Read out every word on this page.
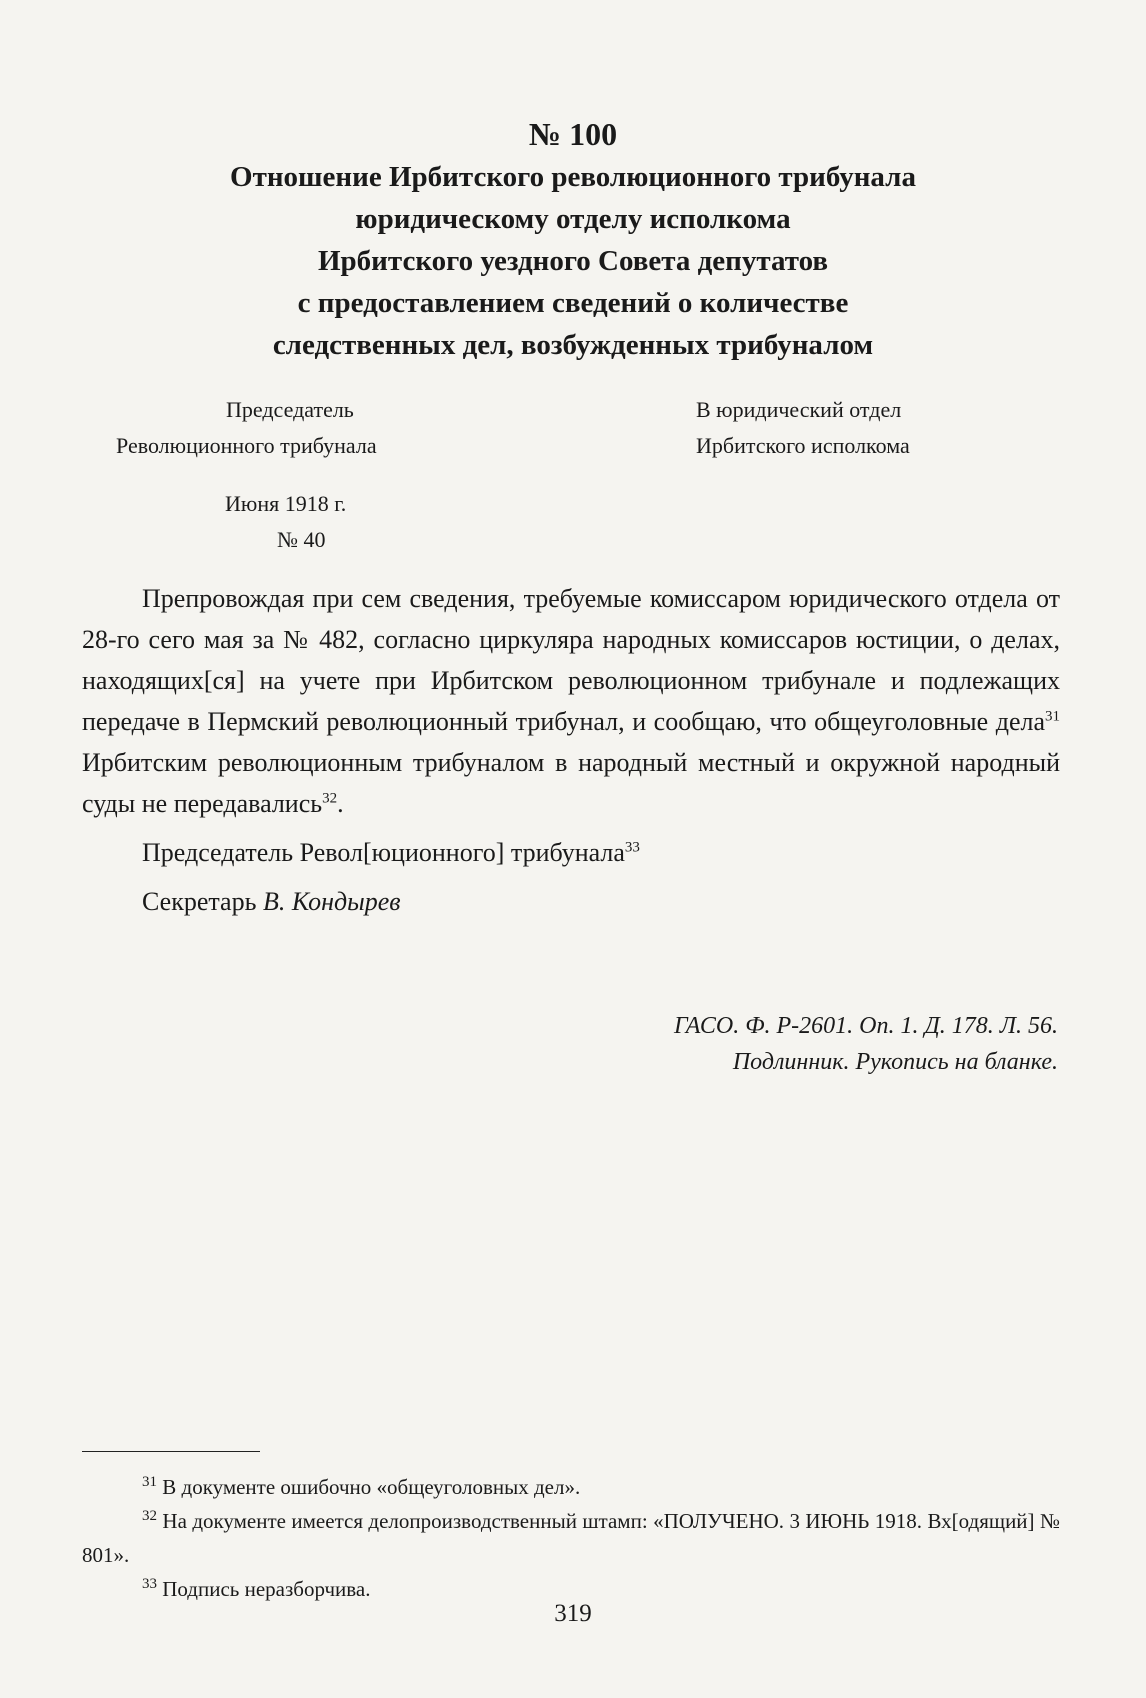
№ 100
Отношение Ирбитского революционного трибунала
юридическому отделу исполкома
Ирбитского уездного Совета депутатов
с предоставлением сведений о количестве
следственных дел, возбужденных трибуналом
Председатель
Революционного трибунала
Июня 1918 г.
№ 40
В юридический отдел
Ирбитского исполкома

Препровождая при сем сведения, требуемые комиссаром юридического отдела от 28-го сего мая за № 482, согласно циркуляра народных комиссаров юстиции, о делах, находящих[ся] на учете при Ирбитском революционном трибунале и подлежащих передаче в Пермский революционный трибунал, и сообщаю, что общеуголовные дела$^{31}$ Ирбитским революционным трибуналом в народный местный и окружной народный суды не передавались$^{32}$.

Председатель Револ[юционного] трибунала$^{33}$

Секретарь В. Кондырев

ГАСО. Ф. Р-2601. Оп. 1. Д. 178. Л. 56.
Подлинник. Рукопись на бланке.

$^{31}$ В документе ошибочно «общеуголовных дел».

$^{32}$ На документе имеется делопроизводственный штамп: «ПОЛУЧЕНО. 3 ИЮНЬ 1918. Вх[одящий] № 801».

$^{33}$ Подпись неразборчива.

319
